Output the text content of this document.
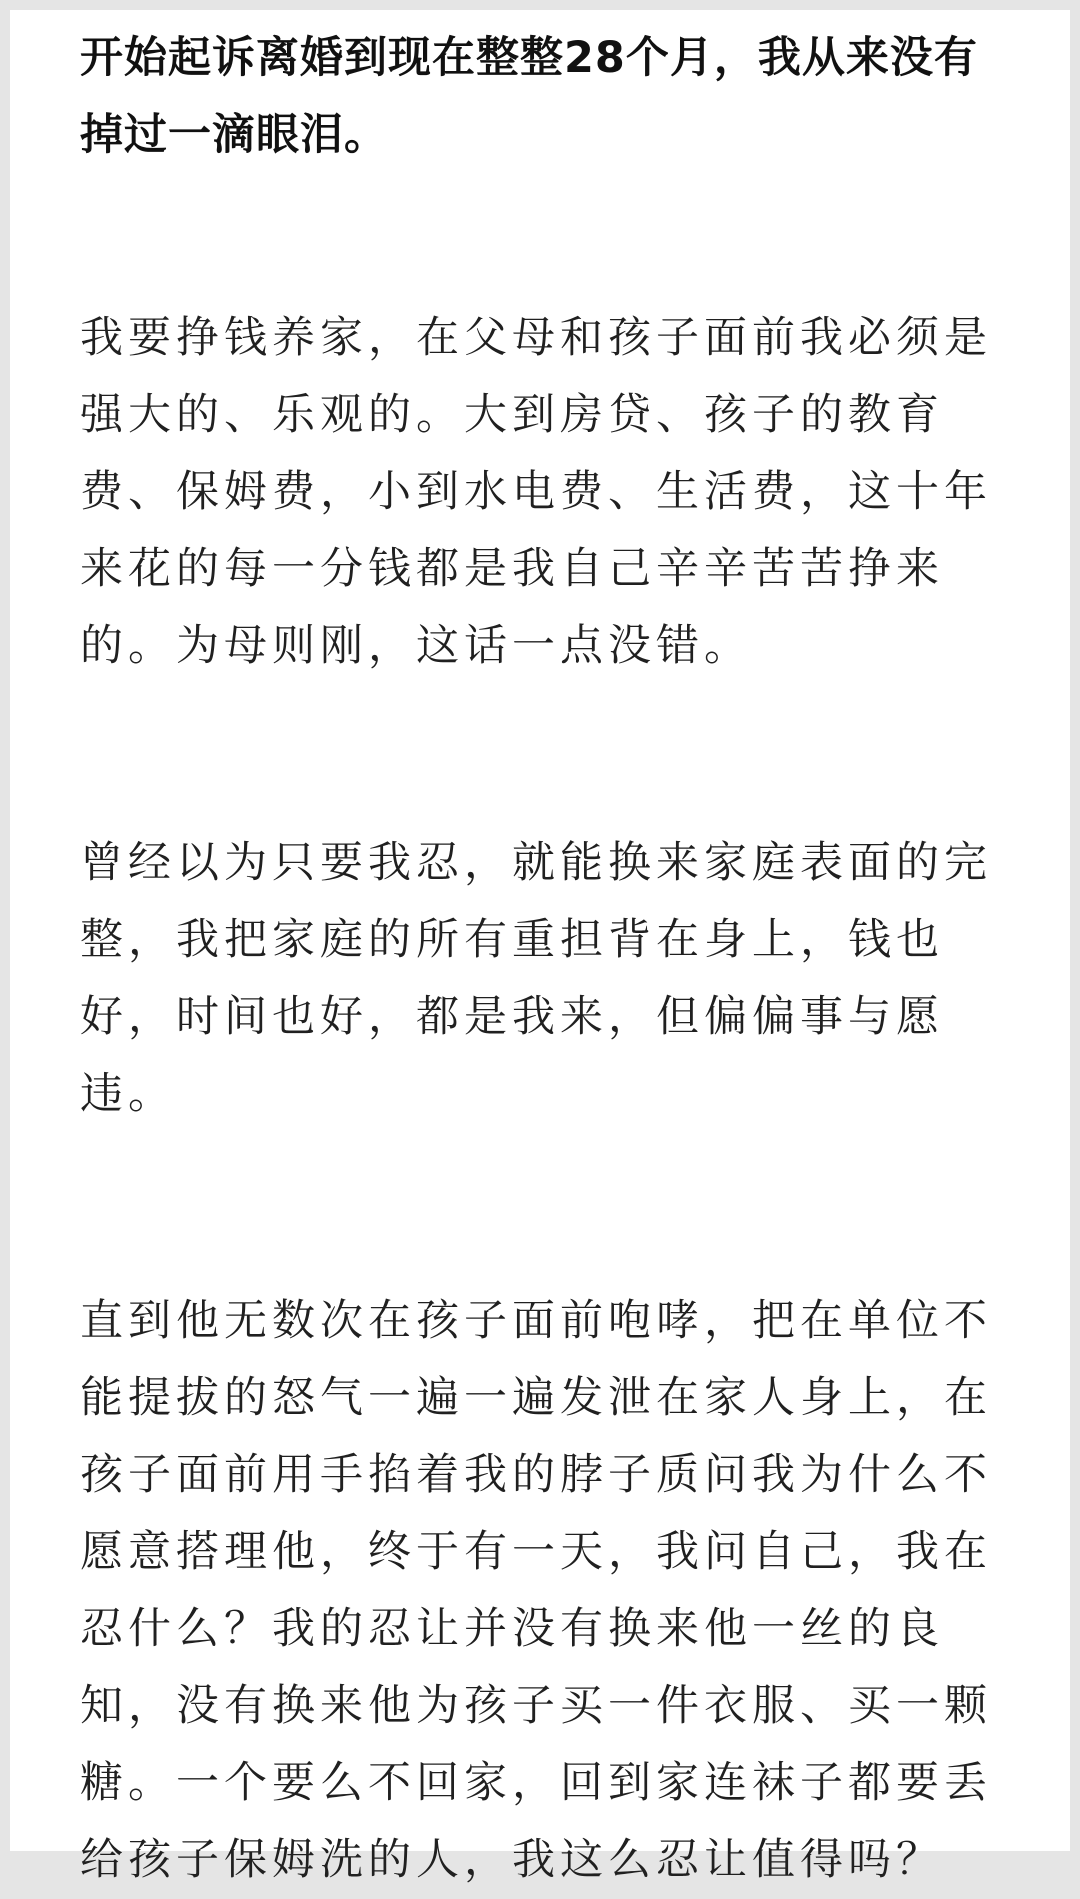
开始起诉离婚到现在整整28个月，我从来没有掉过一滴眼泪。

我要挣钱养家，在父母和孩子面前我必须是强大的、乐观的。大到房贷、孩子的教育费、保姆费，小到水电费、生活费，这十年来花的每一分钱都是我自己辛辛苦苦挣来的。为母则刚，这话一点没错。

曾经以为只要我忍，就能换来家庭表面的完整，我把家庭的所有重担背在身上，钱也好，时间也好，都是我来，但偏偏事与愿违。

直到他无数次在孩子面前咆哮，把在单位不能提拔的怒气一遍一遍发泄在家人身上，在孩子面前用手掐着我的脖子质问我为什么不愿意搭理他，终于有一天，我问自己，我在忍什么？我的忍让并没有换来他一丝的良知，没有换来他为孩子买一件衣服、买一颗糖。一个要么不回家，回到家连袜子都要丢给孩子保姆洗的人，我这么忍让值得吗？
